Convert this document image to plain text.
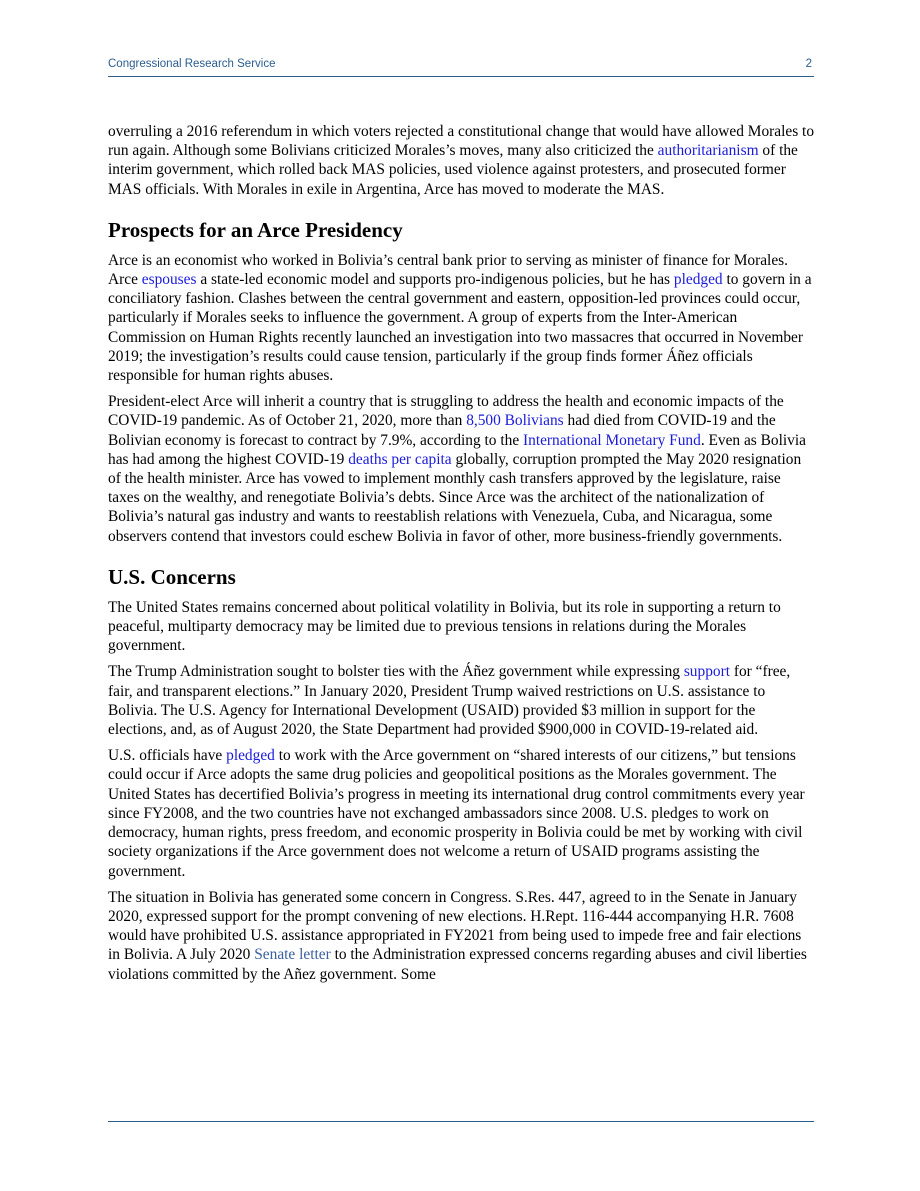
Congressional Research Service	2

overruling a 2016 referendum in which voters rejected a constitutional change that would have allowed Morales to run again. Although some Bolivians criticized Morales’s moves, many also criticized the authoritarianism of the interim government, which rolled back MAS policies, used violence against protesters, and prosecuted former MAS officials. With Morales in exile in Argentina, Arce has moved to moderate the MAS.

Prospects for an Arce Presidency

Arce is an economist who worked in Bolivia’s central bank prior to serving as minister of finance for Morales. Arce espouses a state-led economic model and supports pro-indigenous policies, but he has pledged to govern in a conciliatory fashion. Clashes between the central government and eastern, opposition-led provinces could occur, particularly if Morales seeks to influence the government. A group of experts from the Inter-American Commission on Human Rights recently launched an investigation into two massacres that occurred in November 2019; the investigation’s results could cause tension, particularly if the group finds former Áñez officials responsible for human rights abuses.

President-elect Arce will inherit a country that is struggling to address the health and economic impacts of the COVID-19 pandemic. As of October 21, 2020, more than 8,500 Bolivians had died from COVID-19 and the Bolivian economy is forecast to contract by 7.9%, according to the International Monetary Fund. Even as Bolivia has had among the highest COVID-19 deaths per capita globally, corruption prompted the May 2020 resignation of the health minister. Arce has vowed to implement monthly cash transfers approved by the legislature, raise taxes on the wealthy, and renegotiate Bolivia’s debts. Since Arce was the architect of the nationalization of Bolivia’s natural gas industry and wants to reestablish relations with Venezuela, Cuba, and Nicaragua, some observers contend that investors could eschew Bolivia in favor of other, more business-friendly governments.

U.S. Concerns

The United States remains concerned about political volatility in Bolivia, but its role in supporting a return to peaceful, multiparty democracy may be limited due to previous tensions in relations during the Morales government.

The Trump Administration sought to bolster ties with the Áñez government while expressing support for “free, fair, and transparent elections.” In January 2020, President Trump waived restrictions on U.S. assistance to Bolivia. The U.S. Agency for International Development (USAID) provided $3 million in support for the elections, and, as of August 2020, the State Department had provided $900,000 in COVID-19-related aid.

U.S. officials have pledged to work with the Arce government on “shared interests of our citizens,” but tensions could occur if Arce adopts the same drug policies and geopolitical positions as the Morales government. The United States has decertified Bolivia’s progress in meeting its international drug control commitments every year since FY2008, and the two countries have not exchanged ambassadors since 2008. U.S. pledges to work on democracy, human rights, press freedom, and economic prosperity in Bolivia could be met by working with civil society organizations if the Arce government does not welcome a return of USAID programs assisting the government.

The situation in Bolivia has generated some concern in Congress. S.Res. 447, agreed to in the Senate in January 2020, expressed support for the prompt convening of new elections. H.Rept. 116-444 accompanying H.R. 7608 would have prohibited U.S. assistance appropriated in FY2021 from being used to impede free and fair elections in Bolivia. A July 2020 Senate letter to the Administration expressed concerns regarding abuses and civil liberties violations committed by the Añez government. Some
